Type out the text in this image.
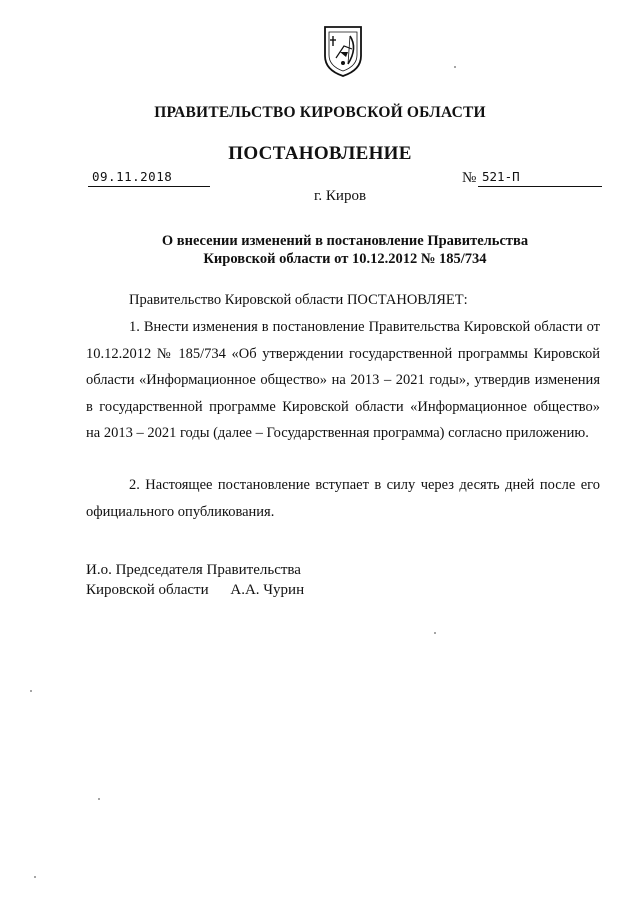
ПРАВИТЕЛЬСТВО КИРОВСКОЙ ОБЛАСТИ
ПОСТАНОВЛЕНИЕ
09.11.2018	№ 521-П
г. Киров
О внесении изменений в постановление Правительства
Кировской области от 10.12.2012 № 185/734
Правительство Кировской области ПОСТАНОВЛЯЕТ:
1. Внести изменения в постановление Правительства Кировской области от 10.12.2012 № 185/734 «Об утверждении государственной программы Кировской области «Информационное общество» на 2013 – 2021 годы», утвердив изменения в государственной программе Кировской области «Информационное общество» на 2013 – 2021 годы (далее – Государственная программа) согласно приложению.
2. Настоящее постановление вступает в силу через десять дней после его официального опубликования.
И.о. Председателя Правительства
Кировской области А.А. Чурин
